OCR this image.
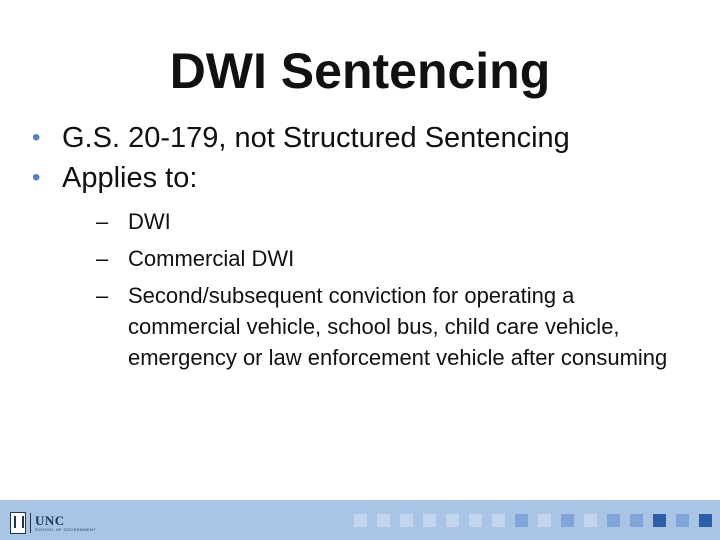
DWI Sentencing
• G.S. 20-179, not Structured Sentencing
• Applies to:
– DWI
– Commercial DWI
– Second/subsequent conviction for operating a commercial vehicle, school bus, child care vehicle, emergency or law enforcement vehicle after consuming
UNC
SCHOOL OF GOVERNMENT
